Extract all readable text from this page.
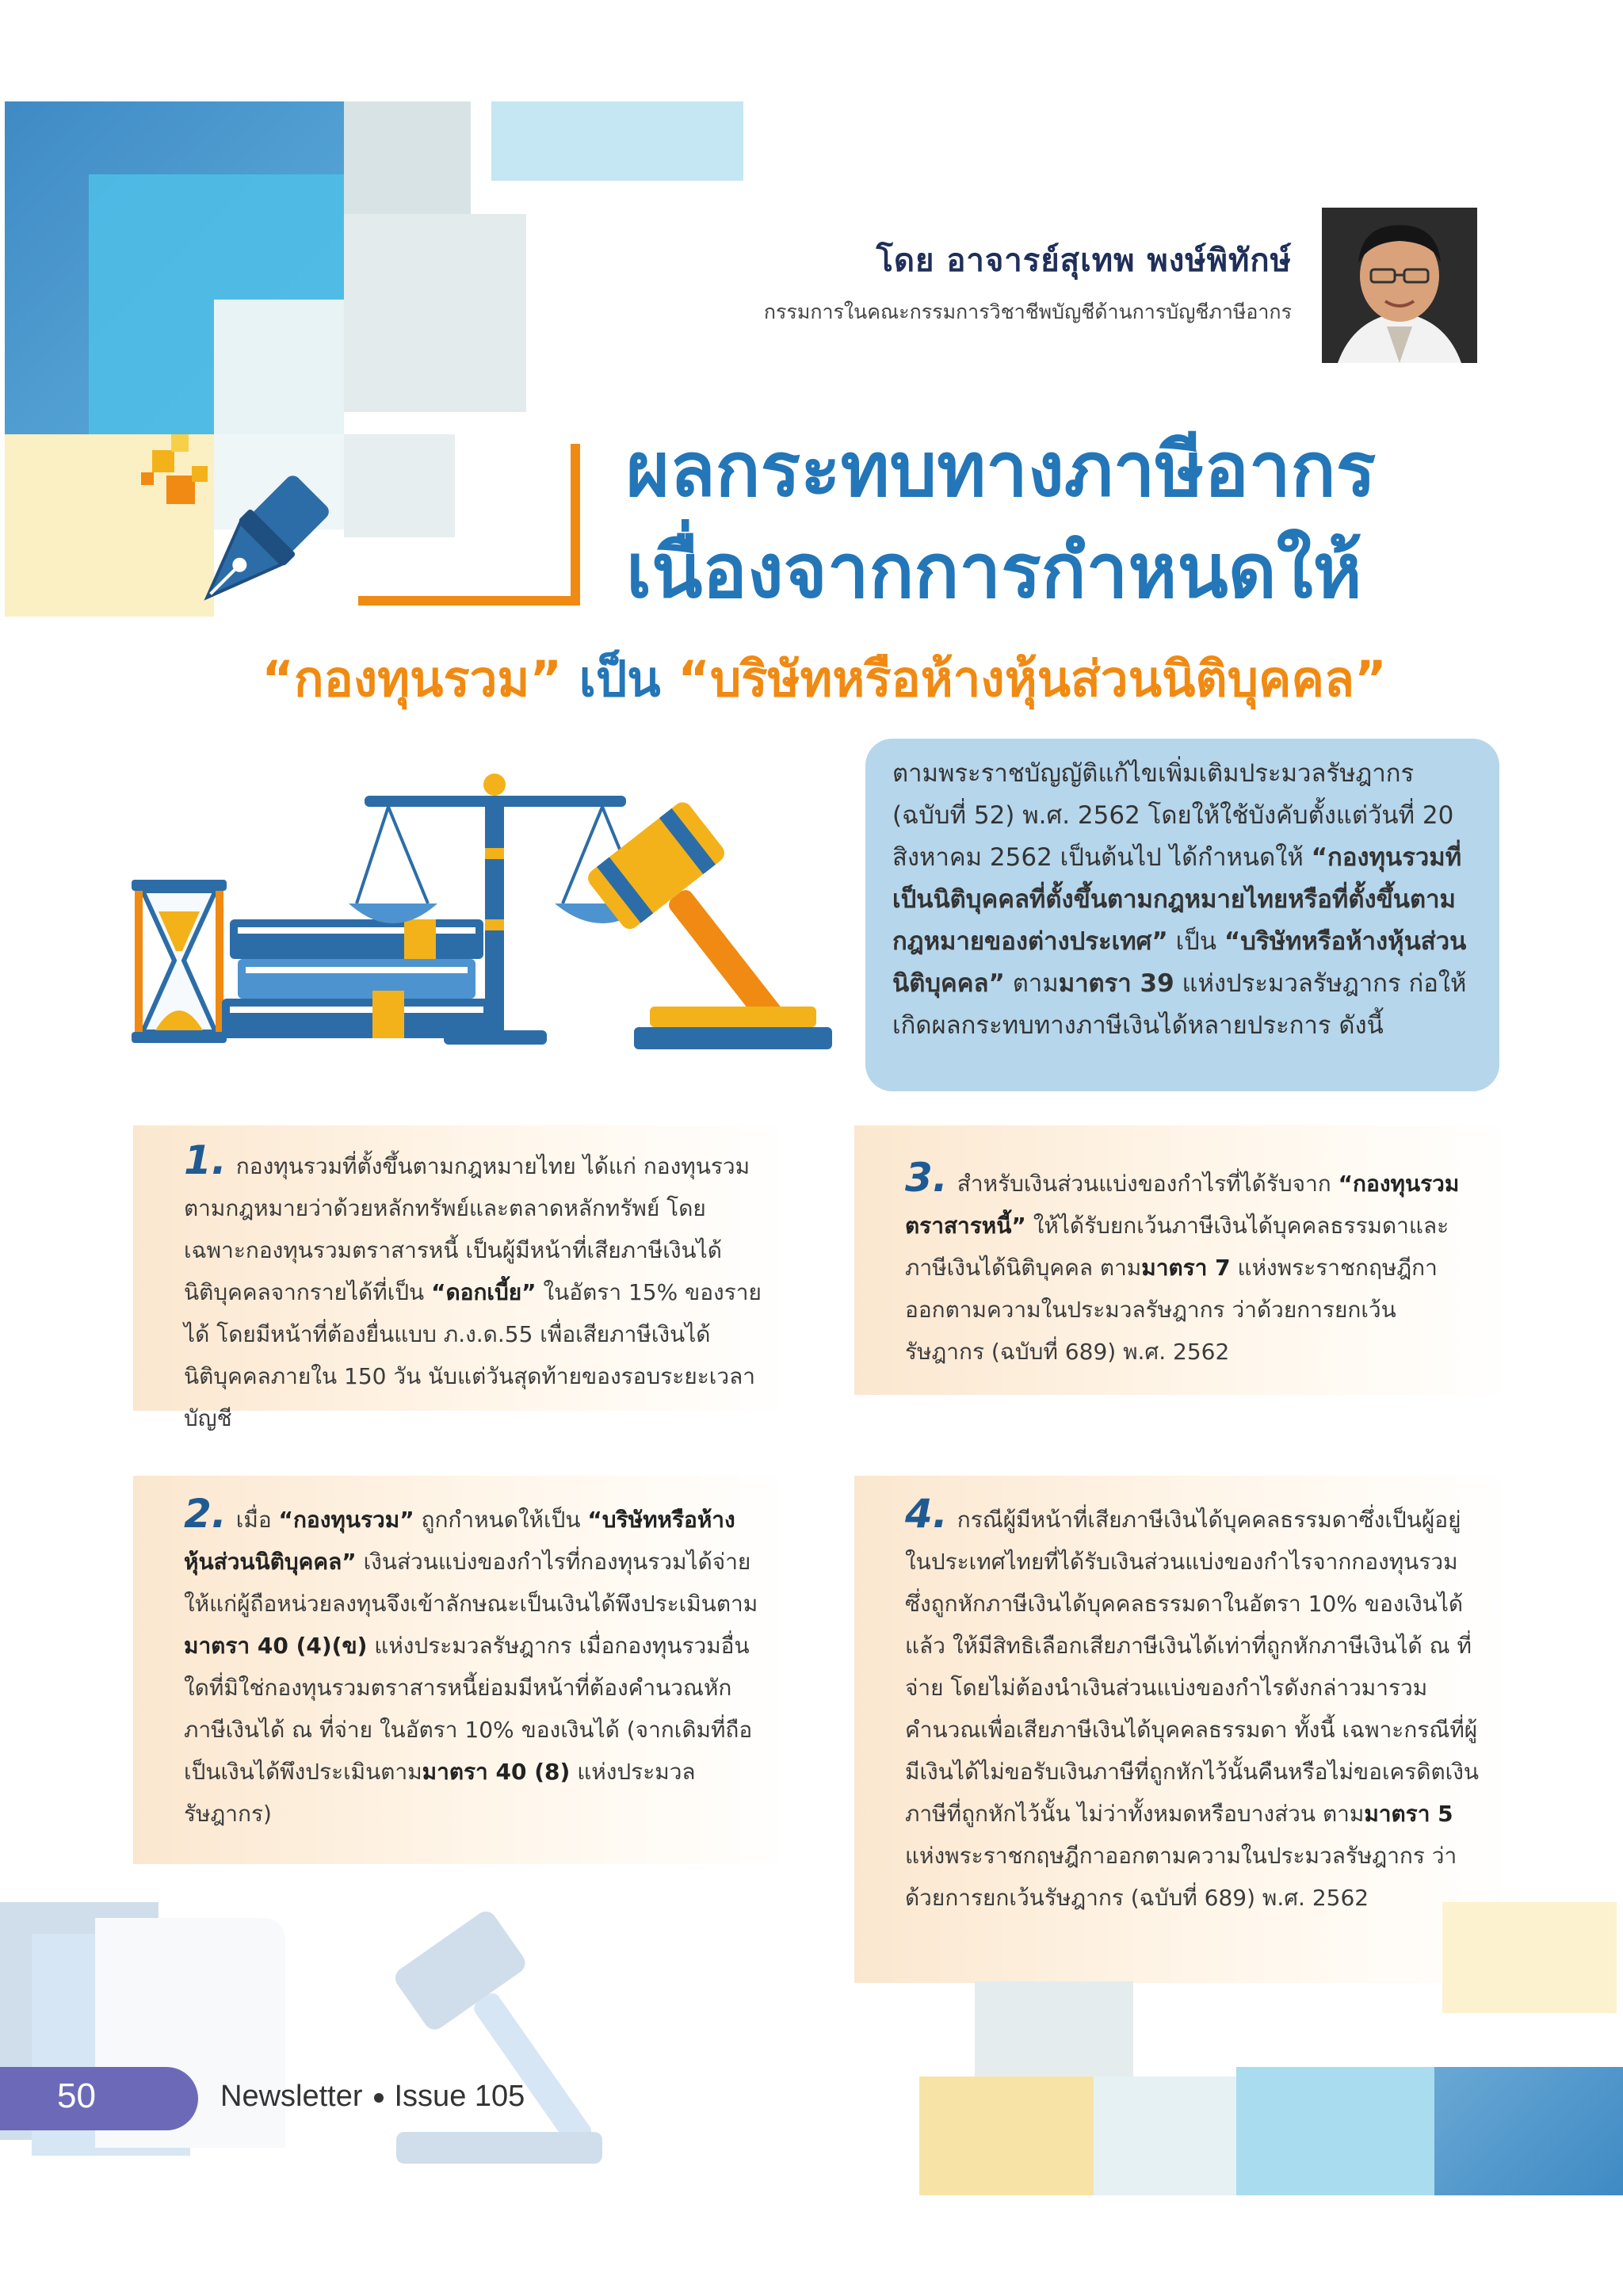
โดย อาจารย์สุเทพ พงษ์พิทักษ์
กรรมการในคณะกรรมการวิชาชีพบัญชีด้านการบัญชีภาษีอากร
ผลกระทบทางภาษีอากร
เนื่องจากการกำหนดให้
“กองทุนรวม” เป็น “บริษัทหรือห้างหุ้นส่วนนิติบุคคล”
ตามพระราชบัญญัติแก้ไขเพิ่มเติมประมวลรัษฎากร (ฉบับที่ 52) พ.ศ. 2562 โดยให้ใช้บังคับตั้งแต่วันที่ 20 สิงหาคม 2562 เป็นต้นไป ได้กำหนดให้ “กองทุนรวมที่เป็นนิติบุคคลที่ตั้งขึ้นตามกฎหมายไทยหรือที่ตั้งขึ้นตามกฎหมายของต่างประเทศ” เป็น “บริษัทหรือห้างหุ้นส่วนนิติบุคคล” ตามมาตรา 39 แห่งประมวลรัษฎากร ก่อให้เกิดผลกระทบทางภาษีเงินได้หลายประการ ดังนี้
1. กองทุนรวมที่ตั้งขึ้นตามกฎหมายไทย ได้แก่ กองทุนรวมตามกฎหมายว่าด้วยหลักทรัพย์และตลาดหลักทรัพย์ โดยเฉพาะกองทุนรวมตราสารหนี้ เป็นผู้มีหน้าที่เสียภาษีเงินได้นิติบุคคลจากรายได้ที่เป็น “ดอกเบี้ย” ในอัตรา 15% ของรายได้ โดยมีหน้าที่ต้องยื่นแบบ ภ.ง.ด.55 เพื่อเสียภาษีเงินได้นิติบุคคลภายใน 150 วัน นับแต่วันสุดท้ายของรอบระยะเวลาบัญชี
3. สำหรับเงินส่วนแบ่งของกำไรที่ได้รับจาก “กองทุนรวมตราสารหนี้” ให้ได้รับยกเว้นภาษีเงินได้บุคคลธรรมดาและภาษีเงินได้นิติบุคคล ตามมาตรา 7 แห่งพระราชกฤษฎีกาออกตามความในประมวลรัษฎากร ว่าด้วยการยกเว้นรัษฎากร (ฉบับที่ 689) พ.ศ. 2562
2. เมื่อ “กองทุนรวม” ถูกกำหนดให้เป็น “บริษัทหรือห้างหุ้นส่วนนิติบุคคล” เงินส่วนแบ่งของกำไรที่กองทุนรวมได้จ่ายให้แก่ผู้ถือหน่วยลงทุนจึงเข้าลักษณะเป็นเงินได้พึงประเมินตามมาตรา 40 (4)(ข) แห่งประมวลรัษฎากร เมื่อกองทุนรวมอื่นใดที่มิใช่กองทุนรวมตราสารหนี้ย่อมมีหน้าที่ต้องคำนวณหักภาษีเงินได้ ณ ที่จ่าย ในอัตรา 10% ของเงินได้ (จากเดิมที่ถือเป็นเงินได้พึงประเมินตามมาตรา 40 (8) แห่งประมวลรัษฎากร)
4. กรณีผู้มีหน้าที่เสียภาษีเงินได้บุคคลธรรมดาซึ่งเป็นผู้อยู่ในประเทศไทยที่ได้รับเงินส่วนแบ่งของกำไรจากกองทุนรวมซึ่งถูกหักภาษีเงินได้บุคคลธรรมดาในอัตรา 10% ของเงินได้แล้ว ให้มีสิทธิเลือกเสียภาษีเงินได้เท่าที่ถูกหักภาษีเงินได้ ณ ที่จ่าย โดยไม่ต้องนำเงินส่วนแบ่งของกำไรดังกล่าวมารวมคำนวณเพื่อเสียภาษีเงินได้บุคคลธรรมดา ทั้งนี้ เฉพาะกรณีที่ผู้มีเงินได้ไม่ขอรับเงินภาษีที่ถูกหักไว้นั้นคืนหรือไม่ขอเครดิตเงินภาษีที่ถูกหักไว้นั้น ไม่ว่าทั้งหมดหรือบางส่วน ตามมาตรา 5 แห่งพระราชกฤษฎีกาออกตามความในประมวลรัษฎากร ว่าด้วยการยกเว้นรัษฎากร (ฉบับที่ 689) พ.ศ. 2562
50	Newsletter Issue 105
